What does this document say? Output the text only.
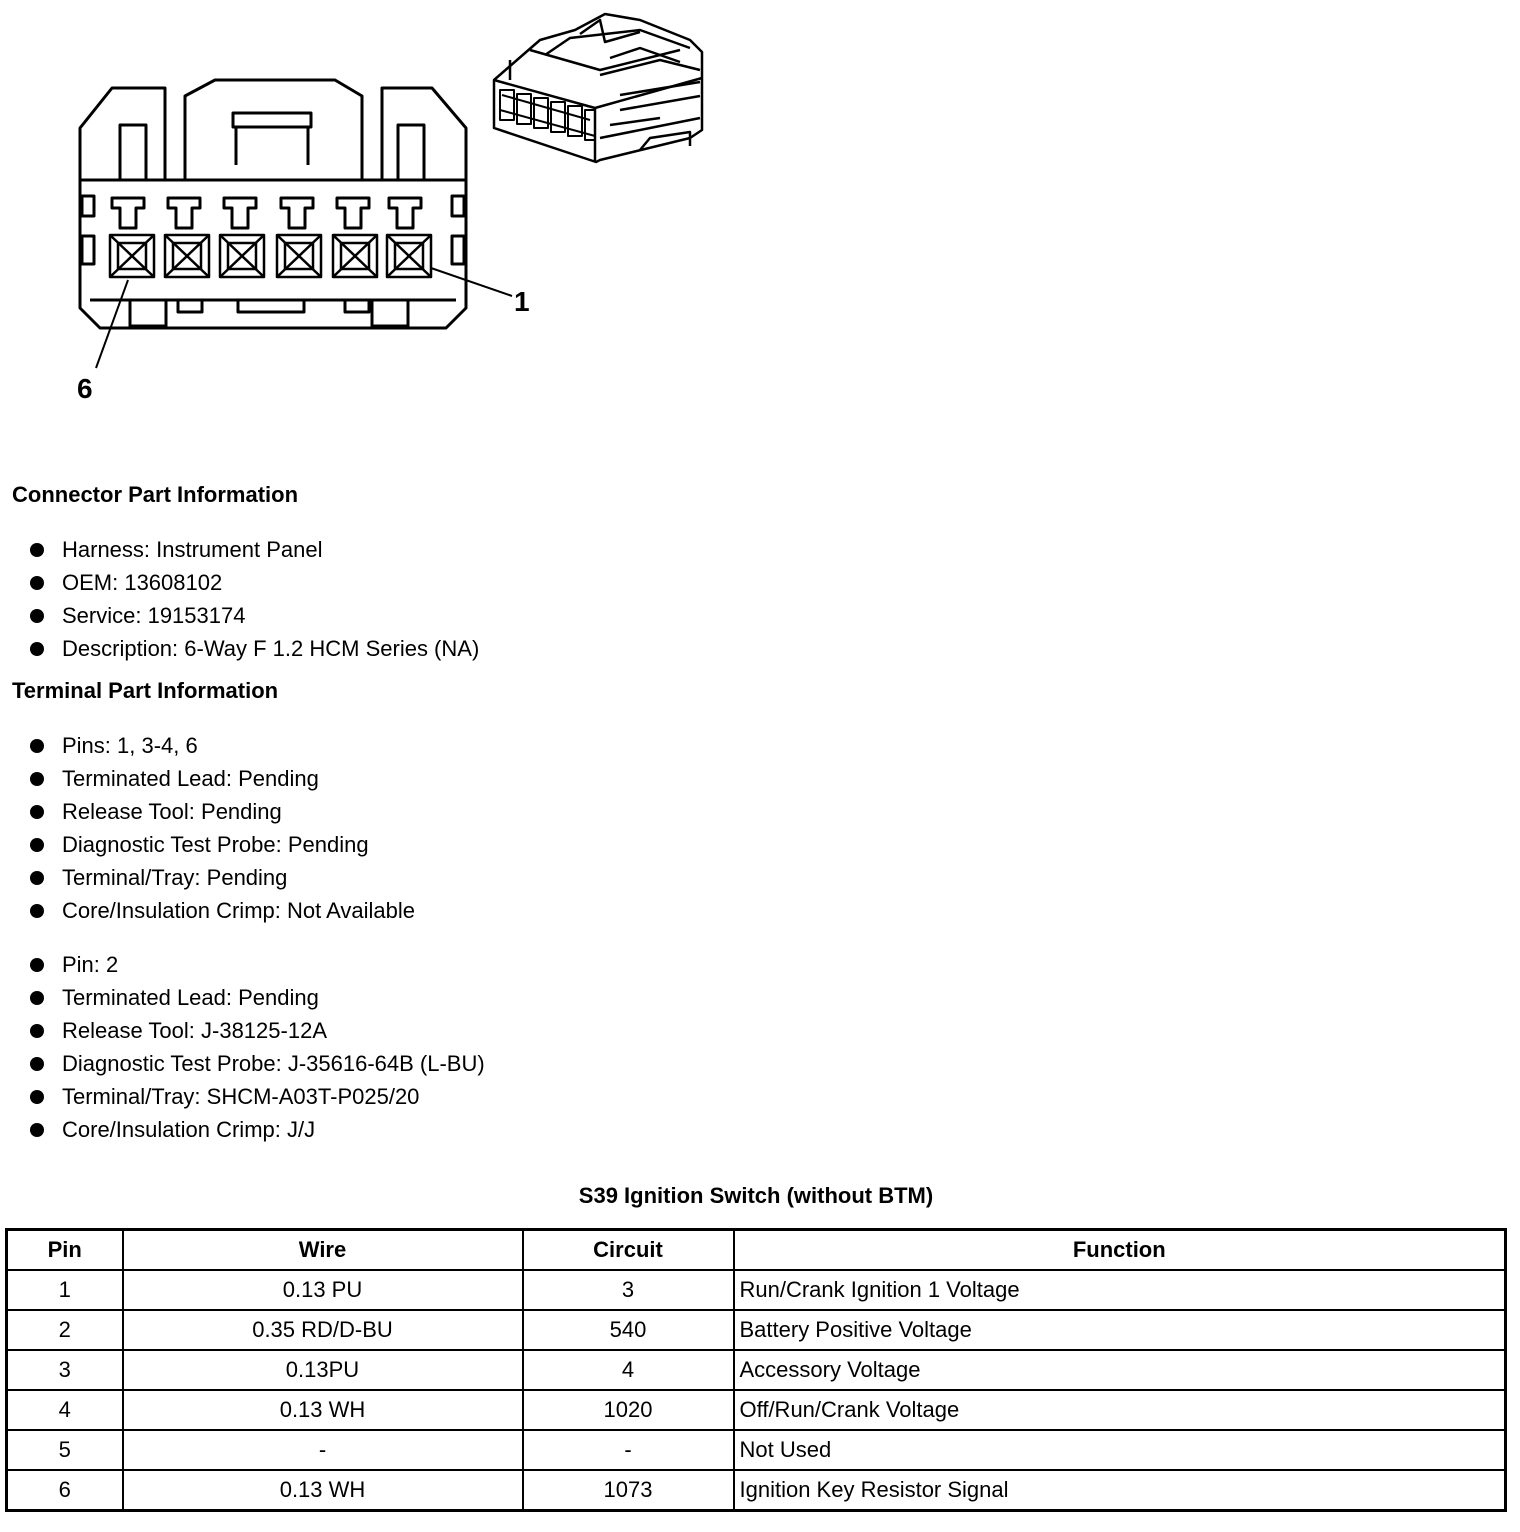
1
6
Connector Part Information
Harness: Instrument Panel
OEM: 13608102
Service: 19153174
Description: 6-Way F 1.2 HCM Series (NA)
Terminal Part Information
Pins: 1, 3-4, 6
Terminated Lead: Pending
Release Tool: Pending
Diagnostic Test Probe: Pending
Terminal/Tray: Pending
Core/Insulation Crimp: Not Available
Pin: 2
Terminated Lead: Pending
Release Tool: J-38125-12A
Diagnostic Test Probe: J-35616-64B (L-BU)
Terminal/Tray: SHCM-A03T-P025/20
Core/Insulation Crimp: J/J
S39 Ignition Switch (without BTM)
Pin	Wire	Circuit	Function
1	0.13 PU	3	Run/Crank Ignition 1 Voltage
2	0.35 RD/D-BU	540	Battery Positive Voltage
3	0.13PU	4	Accessory Voltage
4	0.13 WH	1020	Off/Run/Crank Voltage
5	-	-	Not Used
6	0.13 WH	1073	Ignition Key Resistor Signal
